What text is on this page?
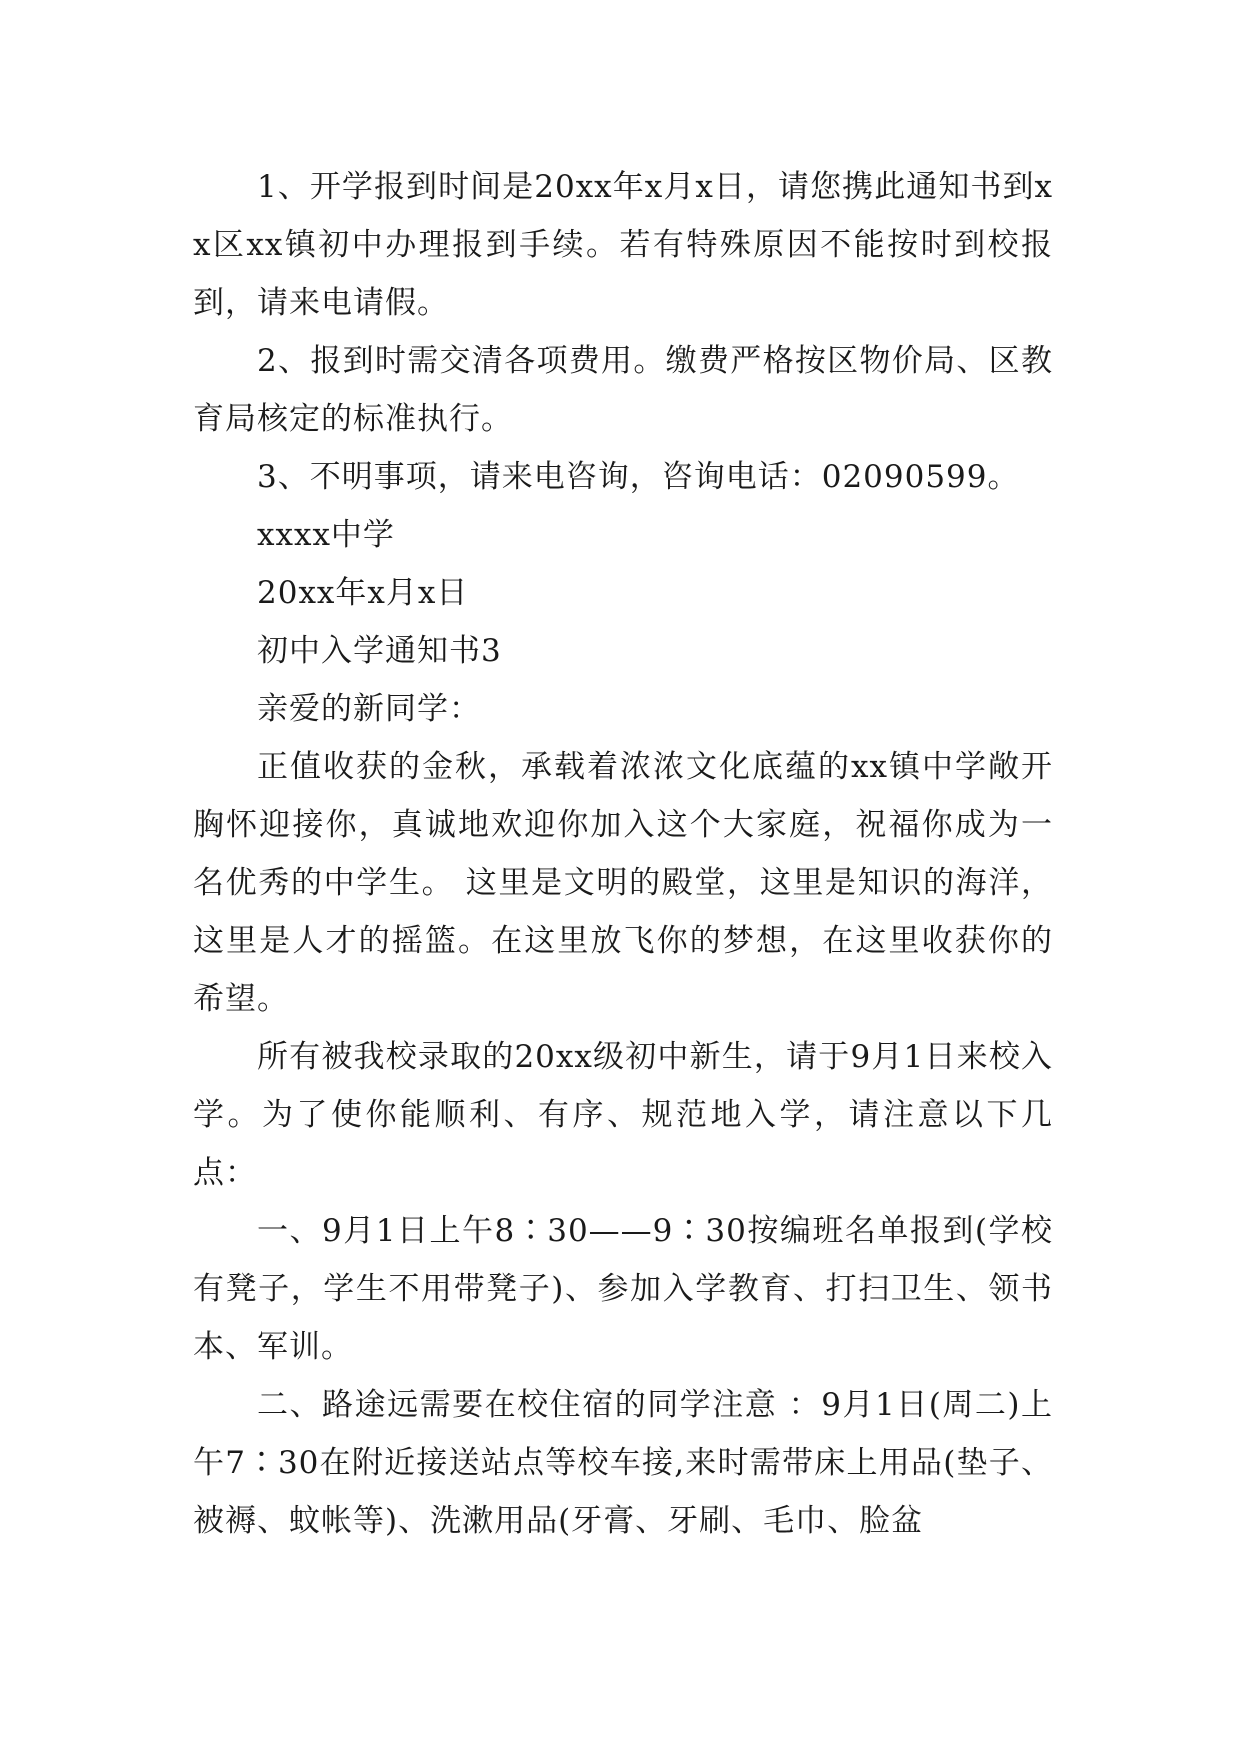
1、开学报到时间是20xx年x月x日，请您携此通知书到xx区xx镇初中办理报到手续。若有特殊原因不能按时到校报到，请来电请假。

2、报到时需交清各项费用。缴费严格按区物价局、区教育局核定的标准执行。

3、不明事项，请来电咨询，咨询电话：02090599。

xxxx中学

20xx年x月x日

初中入学通知书3

亲爱的新同学：

正值收获的金秋，承载着浓浓文化底蕴的xx镇中学敞开胸怀迎接你，真诚地欢迎你加入这个大家庭，祝福你成为一名优秀的中学生。 这里是文明的殿堂，这里是知识的海洋，这里是人才的摇篮。在这里放飞你的梦想，在这里收获你的希望。

所有被我校录取的20xx级初中新生，请于9月1日来校入学。为了使你能顺利、有序、规范地入学，请注意以下几点：

一、9月1日上午8∶30——9∶30按编班名单报到(学校有凳子，学生不用带凳子)、参加入学教育、打扫卫生、领书本、军训。

二、路途远需要在校住宿的同学注意 ：9月1日(周二)上午7∶30在附近接送站点等校车接,来时需带床上用品(垫子、被褥、蚊帐等)、洗漱用品(牙膏、牙刷、毛巾、脸盆
